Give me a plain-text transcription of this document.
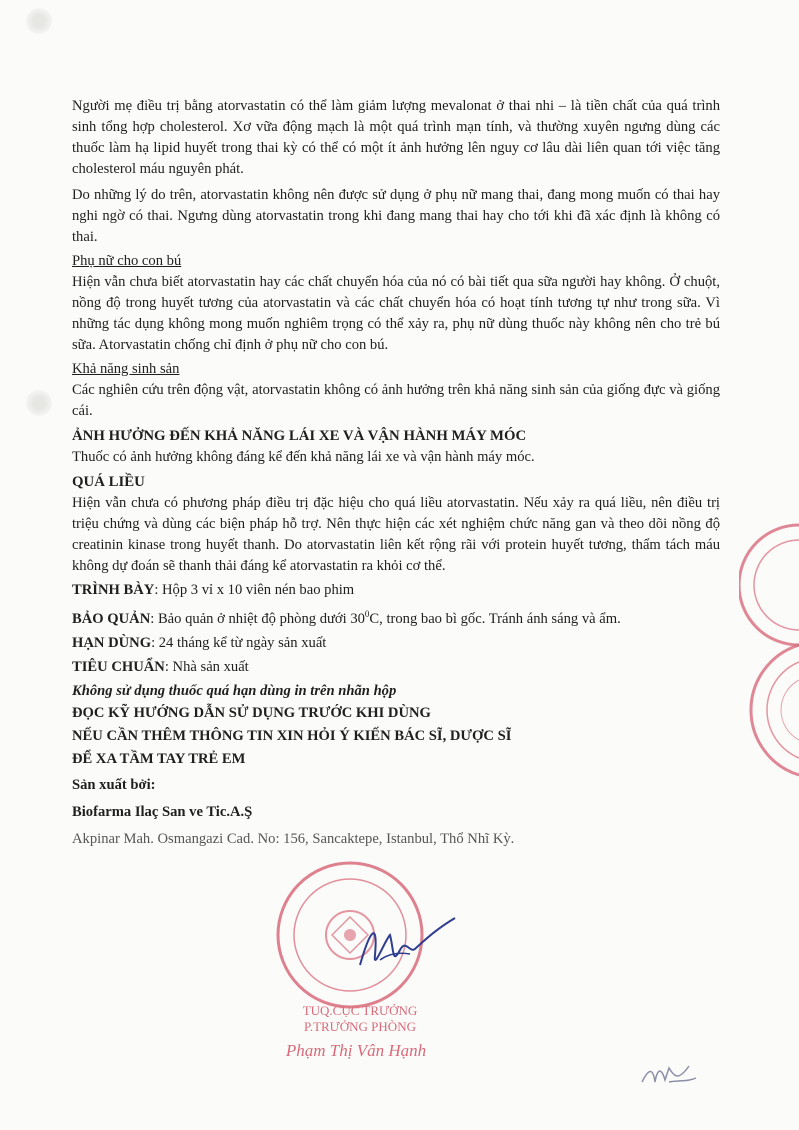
Người mẹ điều trị bằng atorvastatin có thể làm giảm lượng mevalonat ở thai nhi – là tiền chất của quá trình sinh tổng hợp cholesterol. Xơ vữa động mạch là một quá trình mạn tính, và thường xuyên ngưng dùng các thuốc làm hạ lipid huyết trong thai kỳ có thể có một ít ảnh hưởng lên nguy cơ lâu dài liên quan tới việc tăng cholesterol máu nguyên phát.

Do những lý do trên, atorvastatin không nên được sử dụng ở phụ nữ mang thai, đang mong muốn có thai hay nghi ngờ có thai. Ngưng dùng atorvastatin trong khi đang mang thai hay cho tới khi đã xác định là không có thai.

Phụ nữ cho con bú

Hiện vẫn chưa biết atorvastatin hay các chất chuyển hóa của nó có bài tiết qua sữa người hay không. Ở chuột, nồng độ trong huyết tương của atorvastatin và các chất chuyển hóa có hoạt tính tương tự như trong sữa. Vì những tác dụng không mong muốn nghiêm trọng có thể xảy ra, phụ nữ dùng thuốc này không nên cho trẻ bú sữa. Atorvastatin chống chỉ định ở phụ nữ cho con bú.

Khả năng sinh sản

Các nghiên cứu trên động vật, atorvastatin không có ảnh hưởng trên khả năng sinh sản của giống đực và giống cái.

ẢNH HƯỞNG ĐẾN KHẢ NĂNG LÁI XE VÀ VẬN HÀNH MÁY MÓC

Thuốc có ảnh hưởng không đáng kể đến khả năng lái xe và vận hành máy móc.

QUÁ LIỀU

Hiện vẫn chưa có phương pháp điều trị đặc hiệu cho quá liều atorvastatin. Nếu xảy ra quá liều, nên điều trị triệu chứng và dùng các biện pháp hỗ trợ. Nên thực hiện các xét nghiệm chức năng gan và theo dõi nồng độ creatinin kinase trong huyết thanh. Do atorvastatin liên kết rộng rãi với protein huyết tương, thẩm tách máu không dự đoán sẽ thanh thải đáng kể atorvastatin ra khỏi cơ thể.

TRÌNH BÀY: Hộp 3 vỉ x 10 viên nén bao phim

BẢO QUẢN: Bảo quản ở nhiệt độ phòng dưới $30^0C$, trong bao bì gốc. Tránh ánh sáng và ẩm.

HẠN DÙNG: 24 tháng kể từ ngày sản xuất

TIÊU CHUẨN: Nhà sản xuất

Không sử dụng thuốc quá hạn dùng in trên nhãn hộp

ĐỌC KỸ HƯỚNG DẪN SỬ DỤNG TRƯỚC KHI DÙNG

NẾU CẦN THÊM THÔNG TIN XIN HỎI Ý KIẾN BÁC SĨ, DƯỢC SĨ

ĐỂ XA TẦM TAY TRẺ EM

Sản xuất bởi:

Biofarma Ilaç San ve Tic.A.Ş

Akpinar Mah. Osmangazi Cad. No: 156, Sancaktepe, Istanbul, Thổ Nhĩ Kỳ.

TUQ.CỤC TRƯỞNG
P.TRƯỞNG PHÒNG
Phạm Thị Vân Hạnh
